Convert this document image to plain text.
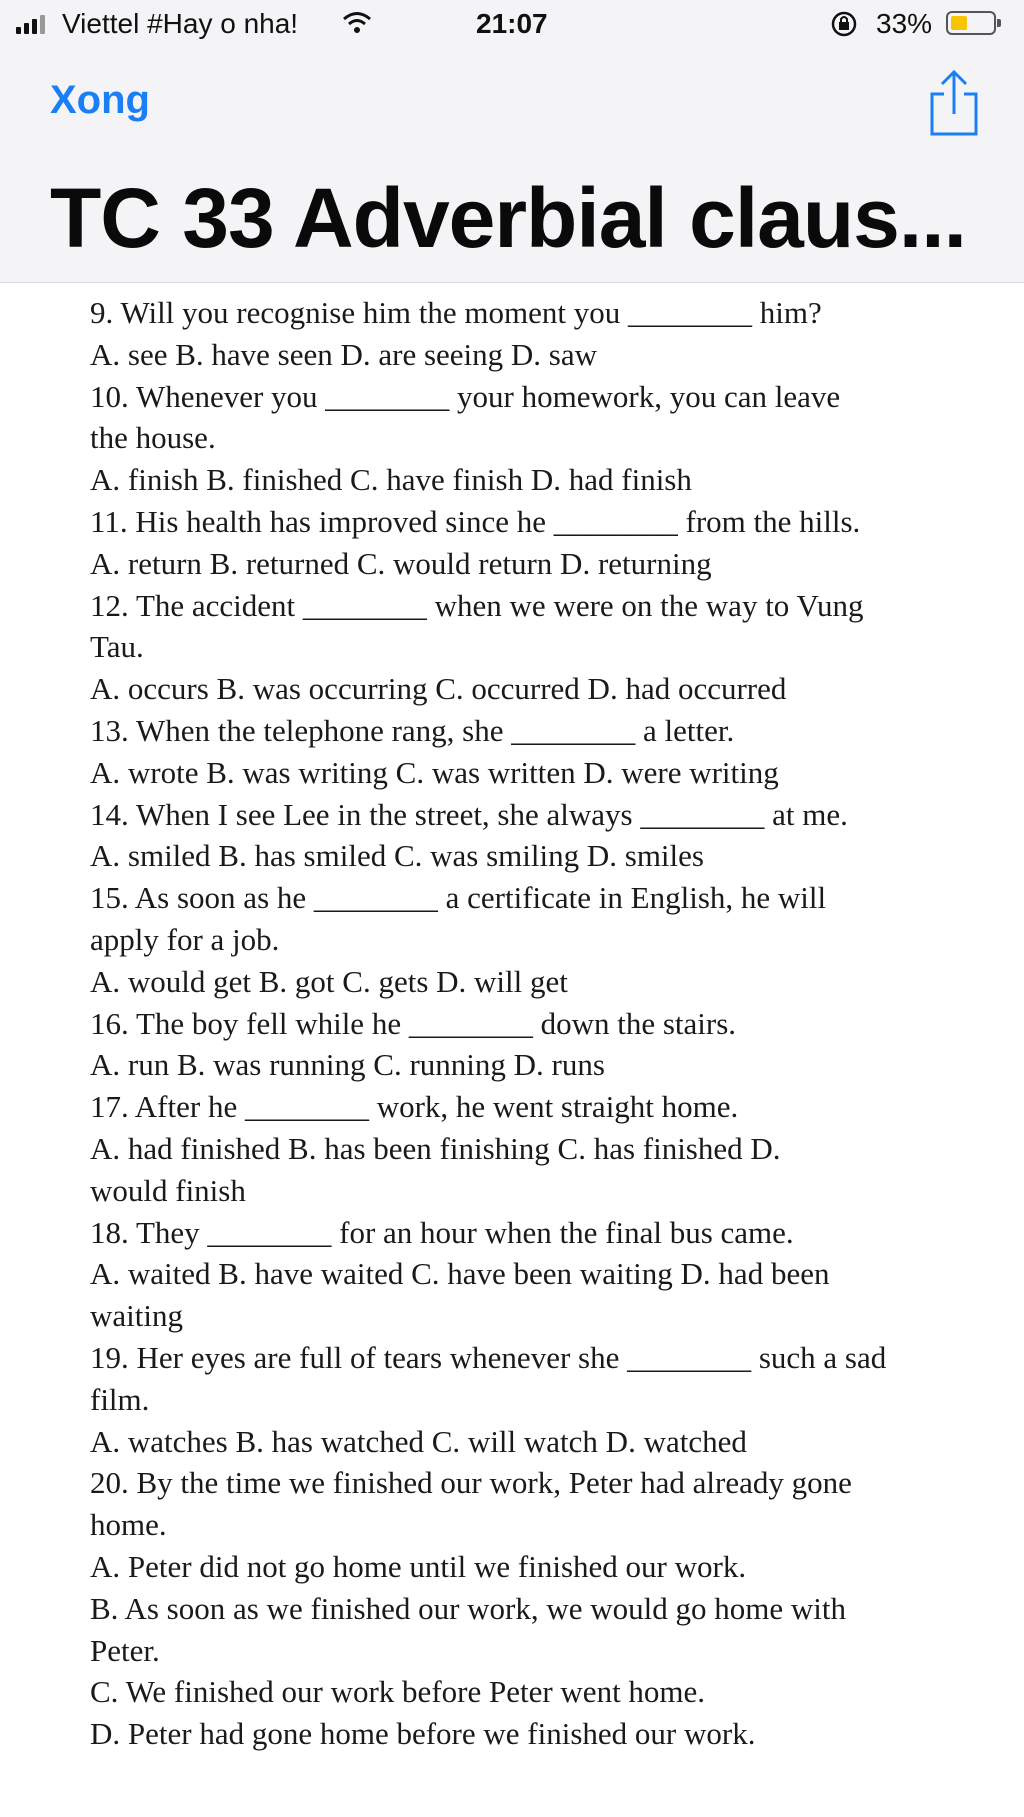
Viettel #Hay o nha!	21:07	33%
Xong
TC 33 Adverbial claus...
9. Will you recognise him the moment you ________ him?
A. see B. have seen D. are seeing D. saw
10. Whenever you ________ your homework, you can leave
the house.
A. finish B. finished C. have finish D. had finish
11. His health has improved since he ________ from the hills.
A. return B. returned C. would return D. returning
12. The accident ________ when we were on the way to Vung
Tau.
A. occurs B. was occurring C. occurred D. had occurred
13. When the telephone rang, she ________ a letter.
A. wrote B. was writing C. was written D. were writing
14. When I see Lee in the street, she always ________ at me.
A. smiled B. has smiled C. was smiling D. smiles
15. As soon as he ________ a certificate in English, he will
apply for a job.
A. would get B. got C. gets D. will get
16. The boy fell while he ________ down the stairs.
A. run B. was running C. running D. runs
17. After he ________ work, he went straight home.
A. had finished B. has been finishing C. has finished D.
would finish
18. They ________ for an hour when the final bus came.
A. waited B. have waited C. have been waiting D. had been
waiting
19. Her eyes are full of tears whenever she ________ such a sad
film.
A. watches B. has watched C. will watch D. watched
20. By the time we finished our work, Peter had already gone
home.
A. Peter did not go home until we finished our work.
B. As soon as we finished our work, we would go home with
Peter.
C. We finished our work before Peter went home.
D. Peter had gone home before we finished our work.
